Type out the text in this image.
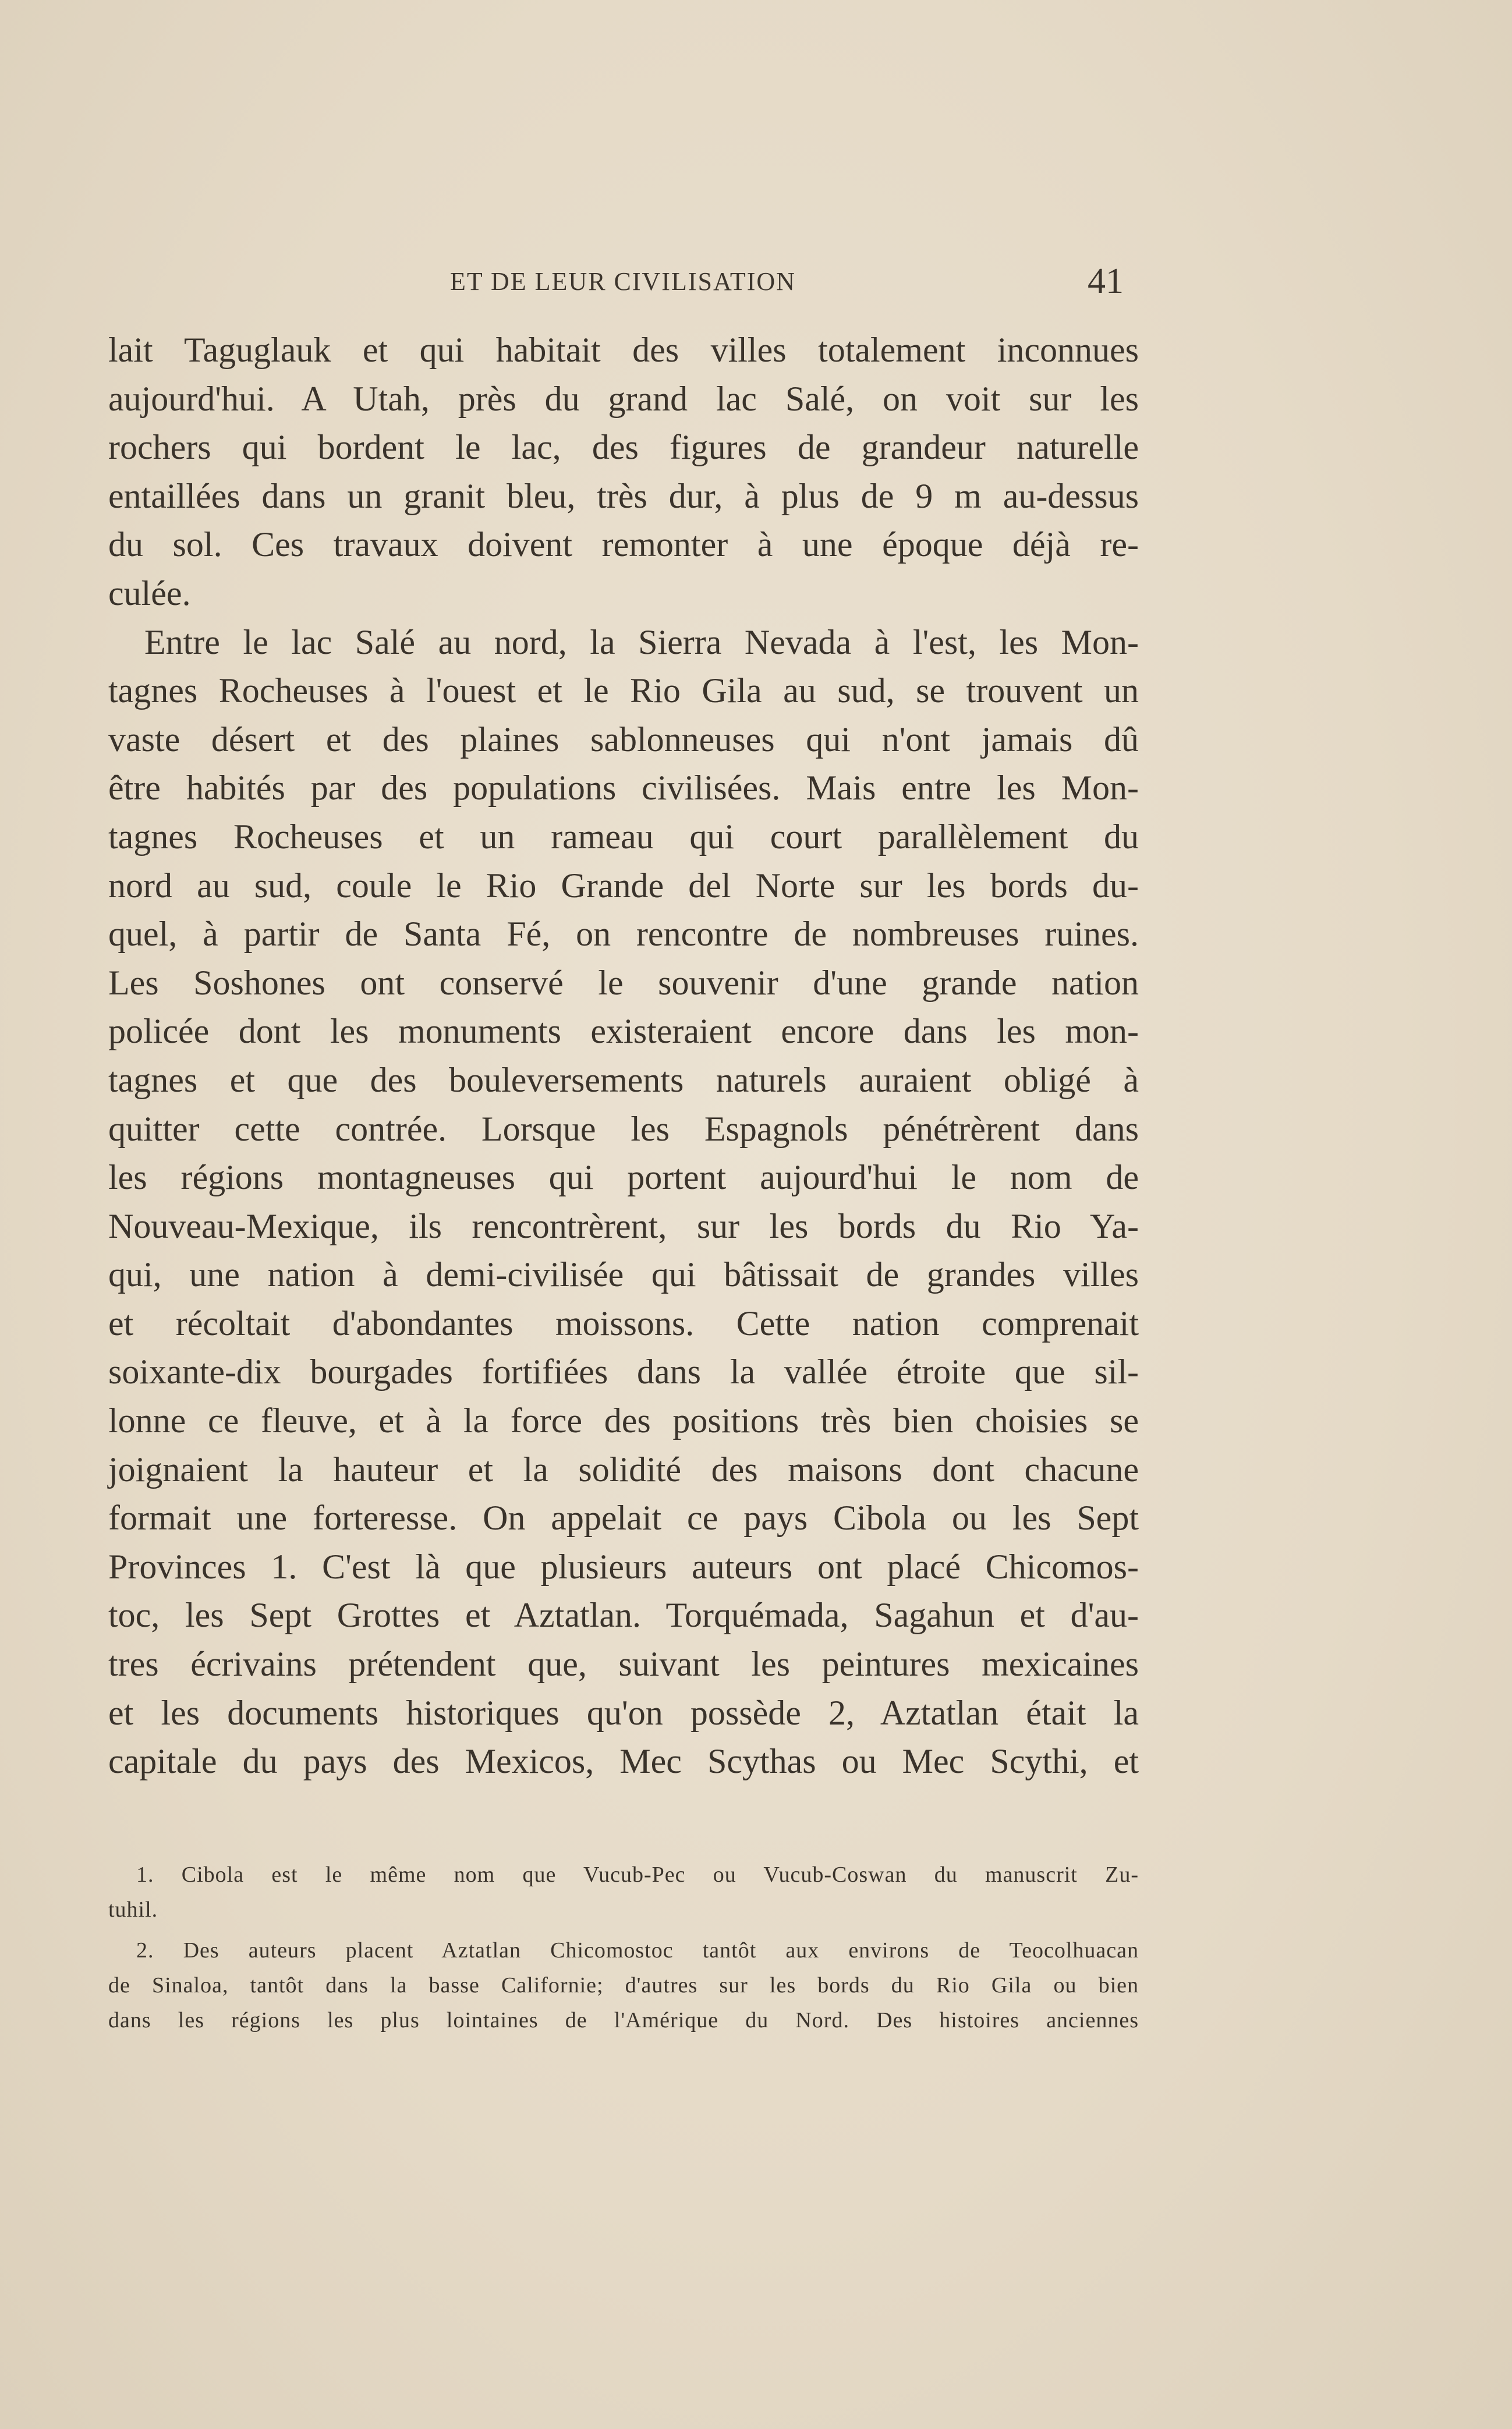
ET DE LEUR CIVILISATION	41
lait Taguglauk et qui habitait des villes totalement inconnues
aujourd'hui. A Utah, près du grand lac Salé, on voit sur les
rochers qui bordent le lac, des figures de grandeur naturelle
entaillées dans un granit bleu, très dur, à plus de 9 m au-dessus
du sol. Ces travaux doivent remonter à une époque déjà re-
culée.
Entre le lac Salé au nord, la Sierra Nevada à l'est, les Mon-
tagnes Rocheuses à l'ouest et le Rio Gila au sud, se trouvent un
vaste désert et des plaines sablonneuses qui n'ont jamais dû
être habités par des populations civilisées. Mais entre les Mon-
tagnes Rocheuses et un rameau qui court parallèlement du
nord au sud, coule le Rio Grande del Norte sur les bords du-
quel, à partir de Santa Fé, on rencontre de nombreuses ruines.
Les Soshones ont conservé le souvenir d'une grande nation
policée dont les monuments existeraient encore dans les mon-
tagnes et que des bouleversements naturels auraient obligé à
quitter cette contrée. Lorsque les Espagnols pénétrèrent dans
les régions montagneuses qui portent aujourd'hui le nom de
Nouveau-Mexique, ils rencontrèrent, sur les bords du Rio Ya-
qui, une nation à demi-civilisée qui bâtissait de grandes villes
et récoltait d'abondantes moissons. Cette nation comprenait
soixante-dix bourgades fortifiées dans la vallée étroite que sil-
lonne ce fleuve, et à la force des positions très bien choisies se
joignaient la hauteur et la solidité des maisons dont chacune
formait une forteresse. On appelait ce pays Cibola ou les Sept
Provinces 1. C'est là que plusieurs auteurs ont placé Chicomos-
toc, les Sept Grottes et Aztatlan. Torquémada, Sagahun et d'au-
tres écrivains prétendent que, suivant les peintures mexicaines
et les documents historiques qu'on possède 2, Aztatlan était la
capitale du pays des Mexicos, Mec Scythas ou Mec Scythi, et
1. Cibola est le même nom que Vucub-Pec ou Vucub-Coswan du manuscrit Zu-
tuhil.
2. Des auteurs placent Aztatlan Chicomostoc tantôt aux environs de Teocolhuacan
de Sinaloa, tantôt dans la basse Californie; d'autres sur les bords du Rio Gila ou bien
dans les régions les plus lointaines de l'Amérique du Nord. Des histoires anciennes
